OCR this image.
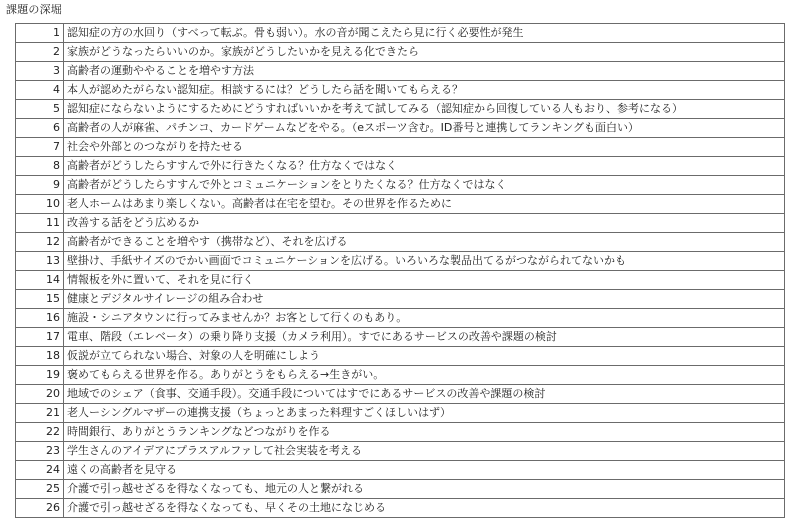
課題の深堀
1	認知症の方の水回り（すべって転ぶ。骨も弱い）。水の音が聞こえたら見に行く必要性が発生
2	家族がどうなったらいいのか。家族がどうしたいかを見える化できたら
3	高齢者の運動ややることを増やす方法
4	本人が認めたがらない認知症。相談するには？どうしたら話を聞いてもらえる？
5	認知症にならないようにするためにどうすればいいかを考えて試してみる（認知症から回復している人もおり、参考になる）
6	高齢者の人が麻雀、パチンコ、カードゲームなどをやる。（eスポーツ含む。ID番号と連携してランキングも面白い）
7	社会や外部とのつながりを持たせる
8	高齢者がどうしたらすすんで外に行きたくなる？仕方なくではなく
9	高齢者がどうしたらすすんで外とコミュニケーションをとりたくなる？仕方なくではなく
10	老人ホームはあまり楽しくない。高齢者は在宅を望む。その世界を作るために
11	改善する話をどう広めるか
12	高齢者ができることを増やす（携帯など）、それを広げる
13	壁掛け、手紙サイズのでかい画面でコミュニケーションを広げる。いろいろな製品出てるがつながられてないかも
14	情報板を外に置いて、それを見に行く
15	健康とデジタルサイレージの組み合わせ
16	施設・シニアタウンに行ってみませんか？お客として行くのもあり。
17	電車、階段（エレベータ）の乗り降り支援（カメラ利用）。すでにあるサービスの改善や課題の検討
18	仮説が立てられない場合、対象の人を明確にしよう
19	褒めてもらえる世界を作る。ありがとうをもらえる→生きがい。
20	地域でのシェア（食事、交通手段）。交通手段についてはすでにあるサービスの改善や課題の検討
21	老人ーシングルマザーの連携支援（ちょっとあまった料理すごくほしいはず）
22	時間銀行、ありがとうランキングなどつながりを作る
23	学生さんのアイデアにプラスアルファして社会実装を考える
24	遠くの高齢者を見守る
25	介護で引っ越せざるを得なくなっても、地元の人と繋がれる
26	介護で引っ越せざるを得なくなっても、早くその土地になじめる
